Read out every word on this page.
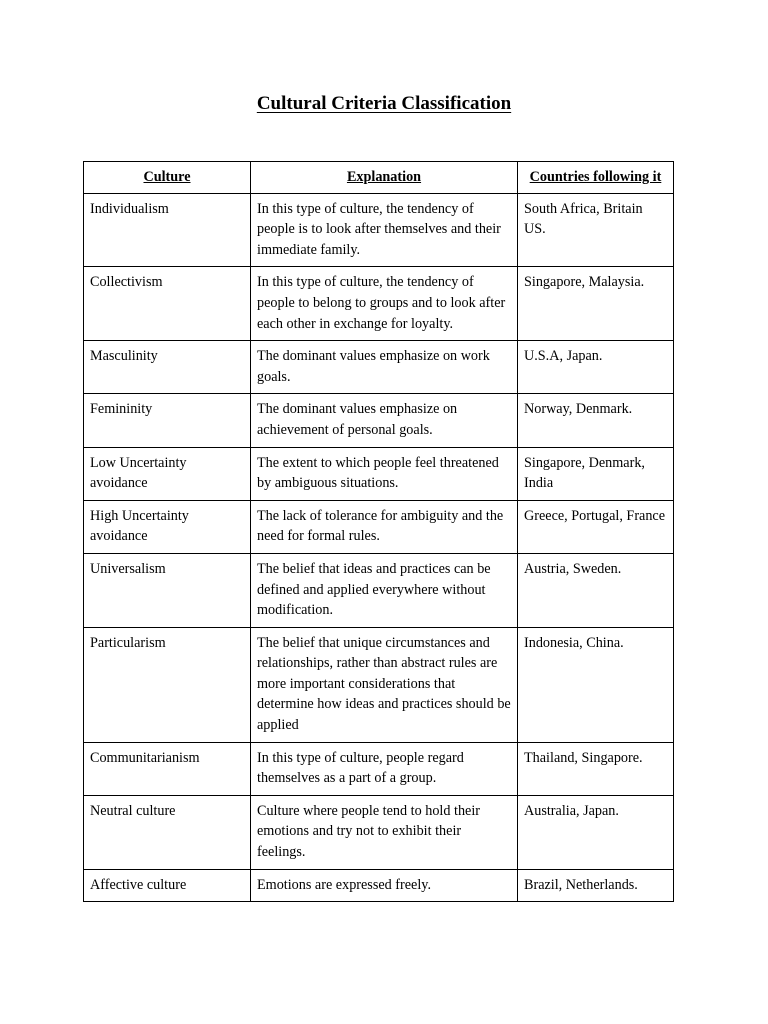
Cultural Criteria Classification
Culture	Explanation	Countries following it
Individualism	In this type of culture, the tendency of people is to look after themselves and their immediate family.	South Africa, Britain US.
Collectivism	In this type of culture, the tendency of people to belong to groups and to look after each other in exchange for loyalty.	Singapore, Malaysia.
Masculinity	The dominant values emphasize on work goals.	U.S.A, Japan.
Femininity	The dominant values emphasize on achievement of personal goals.	Norway, Denmark.
Low Uncertainty avoidance	The extent to which people feel threatened by ambiguous situations.	Singapore, Denmark, India
High Uncertainty avoidance	The lack of tolerance for ambiguity and the need for formal rules.	Greece, Portugal, France
Universalism	The belief that ideas and practices can be defined and applied everywhere without modification.	Austria, Sweden.
Particularism	The belief that unique circumstances and relationships, rather than abstract rules are more important considerations that determine how ideas and practices should be applied	Indonesia, China.
Communitarianism	In this type of culture, people regard themselves as a part of a group.	Thailand, Singapore.
Neutral culture	Culture where people tend to hold their emotions and try not to exhibit their feelings.	Australia, Japan.
Affective culture	Emotions are expressed freely.	Brazil, Netherlands.
